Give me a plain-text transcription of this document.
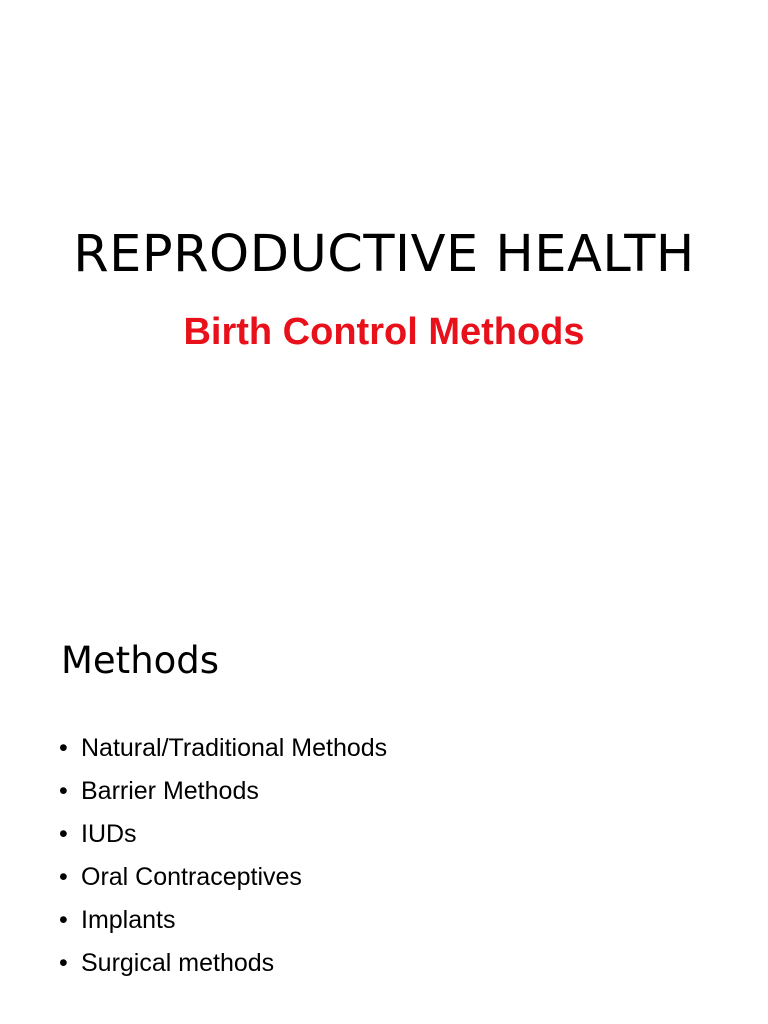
REPRODUCTIVE HEALTH
Birth Control Methods
Methods
• Natural/Traditional Methods
• Barrier Methods
• IUDs
• Oral Contraceptives
• Implants
• Surgical methods
